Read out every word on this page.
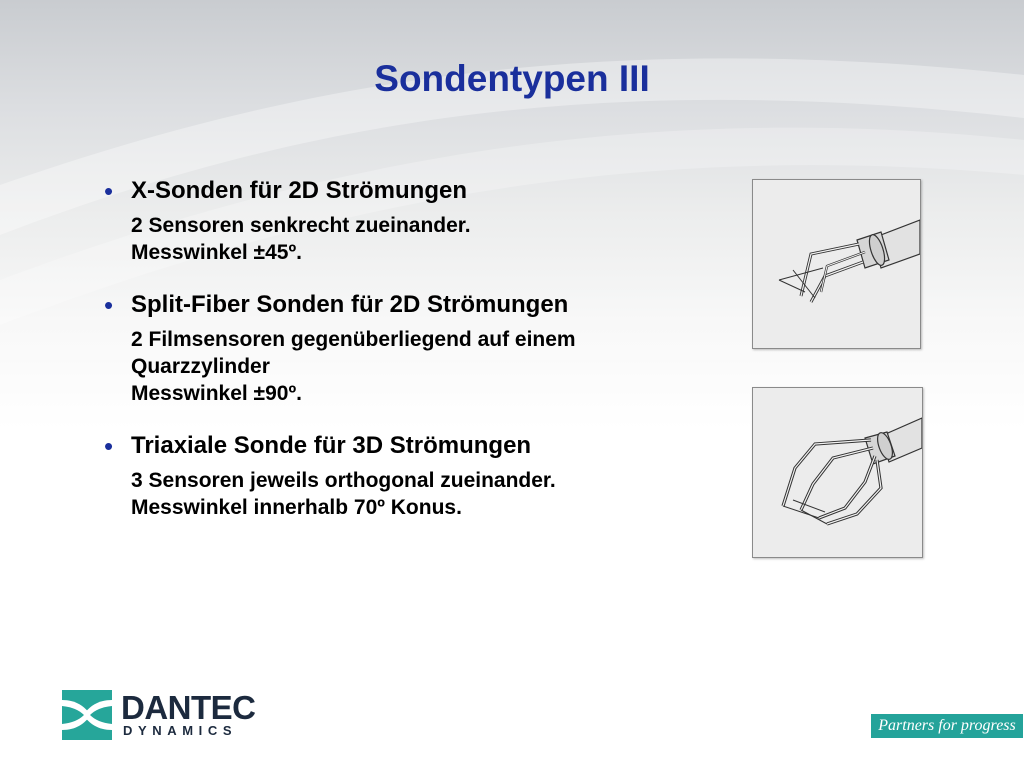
Sondentypen III
• X-Sonden für 2D Strömungen
2 Sensoren senkrecht zueinander.
Messwinkel ±45º.
• Split-Fiber Sonden für 2D Strömungen
2 Filmsensoren gegenüberliegend auf einem
Quarzzylinder
Messwinkel ±90º.
• Triaxiale Sonde für 3D Strömungen
3 Sensoren jeweils orthogonal zueinander.
Messwinkel innerhalb 70º Konus.
DANTEC
DYNAMICS	Partners for progress
